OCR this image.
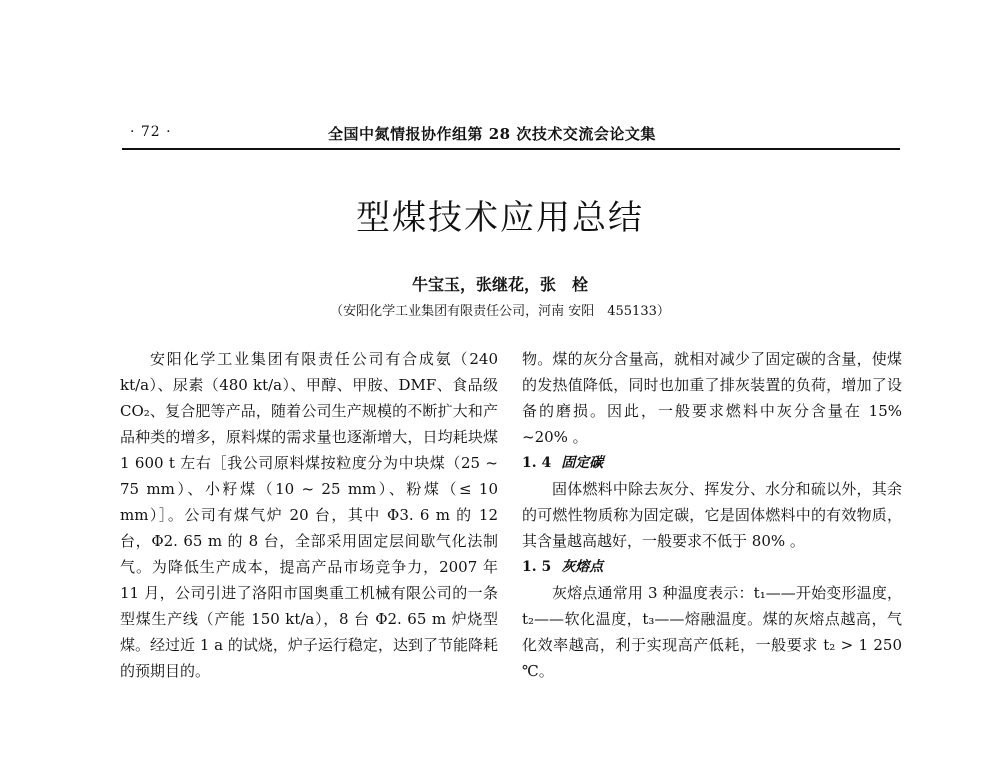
· 72 ·	全国中氮情报协作组第 28 次技术交流会论文集
型煤技术应用总结
牛宝玉，张继花，张　栓
（安阳化学工业集团有限责任公司，河南 安阳　455133）

安阳化学工业集团有限责任公司有合成氨（240 kt/a）、尿素（480 kt/a）、甲醇、甲胺、DMF、食品级 CO₂、复合肥等产品，随着公司生产规模的不断扩大和产品种类的增多，原料煤的需求量也逐渐增大，日均耗块煤 1 600 t 左右［我公司原料煤按粒度分为中块煤（25 ~ 75 mm）、小籽煤（10 ~ 25 mm）、粉煤（≤ 10 mm）］。公司有煤气炉 20 台，其中 Φ3. 6 m 的 12 台，Φ2. 65 m 的 8 台，全部采用固定层间歇气化法制气。为降低生产成本，提高产品市场竞争力，2007 年 11 月，公司引进了洛阳市国奥重工机械有限公司的一条型煤生产线（产能 150 kt/a），8 台 Φ2. 65 m 炉烧型煤。经过近 1 a 的试烧，炉子运行稳定，达到了节能降耗的预期目的。

物。煤的灰分含量高，就相对减少了固定碳的含量，使煤的发热值降低，同时也加重了排灰装置的负荷，增加了设备的磨损。因此，一般要求燃料中灰分含量在 15% ~20% 。

1. 4 固定碳

固体燃料中除去灰分、挥发分、水分和硫以外，其余的可燃性物质称为固定碳，它是固体燃料中的有效物质，其含量越高越好，一般要求不低于 80% 。

1. 5 灰熔点

灰熔点通常用 3 种温度表示：t₁——开始变形温度，t₂——软化温度，t₃——熔融温度。煤的灰熔点越高，气化效率越高，利于实现高产低耗，一般要求 t₂ > 1 250 ℃。
